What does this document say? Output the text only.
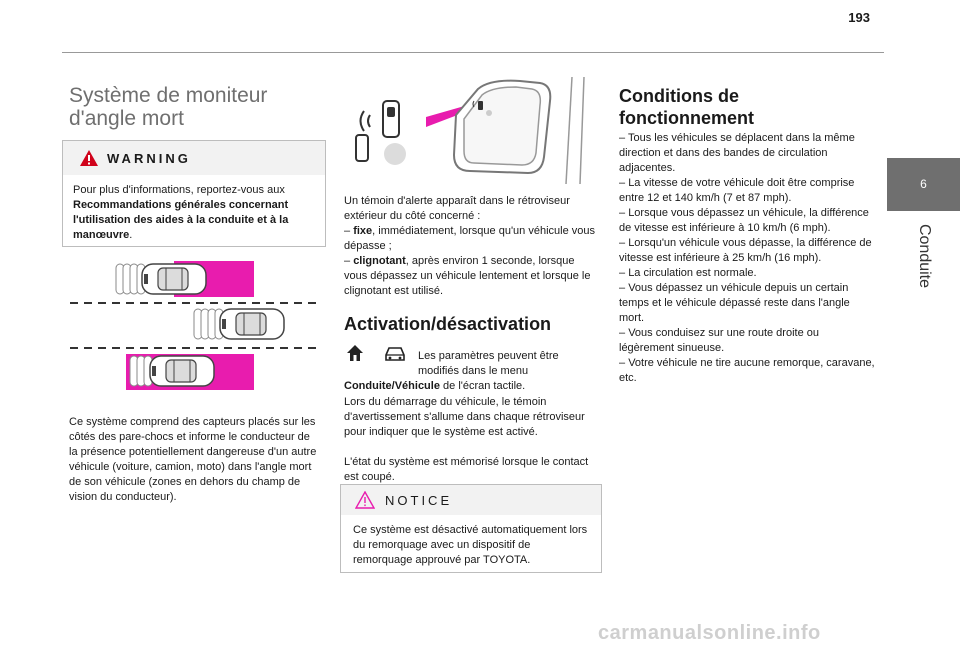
193
6
Conduite
Système de moniteur
d'angle mort
WARNING

Pour plus d'informations, reportez-vous aux Recommandations générales concernant l'utilisation des aides à la conduite et à la manœuvre.

Ce système comprend des capteurs placés sur les côtés des pare-chocs et informe le conducteur de la présence potentiellement dangereuse d'un autre véhicule (voiture, camion, moto) dans l'angle mort de son véhicule (zones en dehors du champ de vision du conducteur).

Un témoin d'alerte apparaît dans le rétroviseur extérieur du côté concerné :

– fixe, immédiatement, lorsque qu'un véhicule vous dépasse ;

– clignotant, après environ 1 seconde, lorsque vous dépassez un véhicule lentement et lorsque le clignotant est utilisé.

Activation/désactivation

Les paramètres peuvent être modifiés dans le menu

Conduite/Véhicule de l'écran tactile.

Lors du démarrage du véhicule, le témoin d'avertissement s'allume dans chaque rétroviseur pour indiquer que le système est activé.

L'état du système est mémorisé lorsque le contact est coupé.

NOTICE

Ce système est désactivé automatiquement lors du remorquage avec un dispositif de remorquage approuvé par TOYOTA.

Conditions de
fonctionnement

– Tous les véhicules se déplacent dans la même direction et dans des bandes de circulation adjacentes.

– La vitesse de votre véhicule doit être comprise entre 12 et 140 km/h (7 et 87 mph).

– Lorsque vous dépassez un véhicule, la différence de vitesse est inférieure à 10 km/h (6 mph).

– Lorsqu'un véhicule vous dépasse, la différence de vitesse est inférieure à 25 km/h (16 mph).

– La circulation est normale.

– Vous dépassez un véhicule depuis un certain temps et le véhicule dépassé reste dans l'angle mort.

– Vous conduisez sur une route droite ou légèrement sinueuse.

– Votre véhicule ne tire aucune remorque, caravane, etc.

carmanualsonline.info
